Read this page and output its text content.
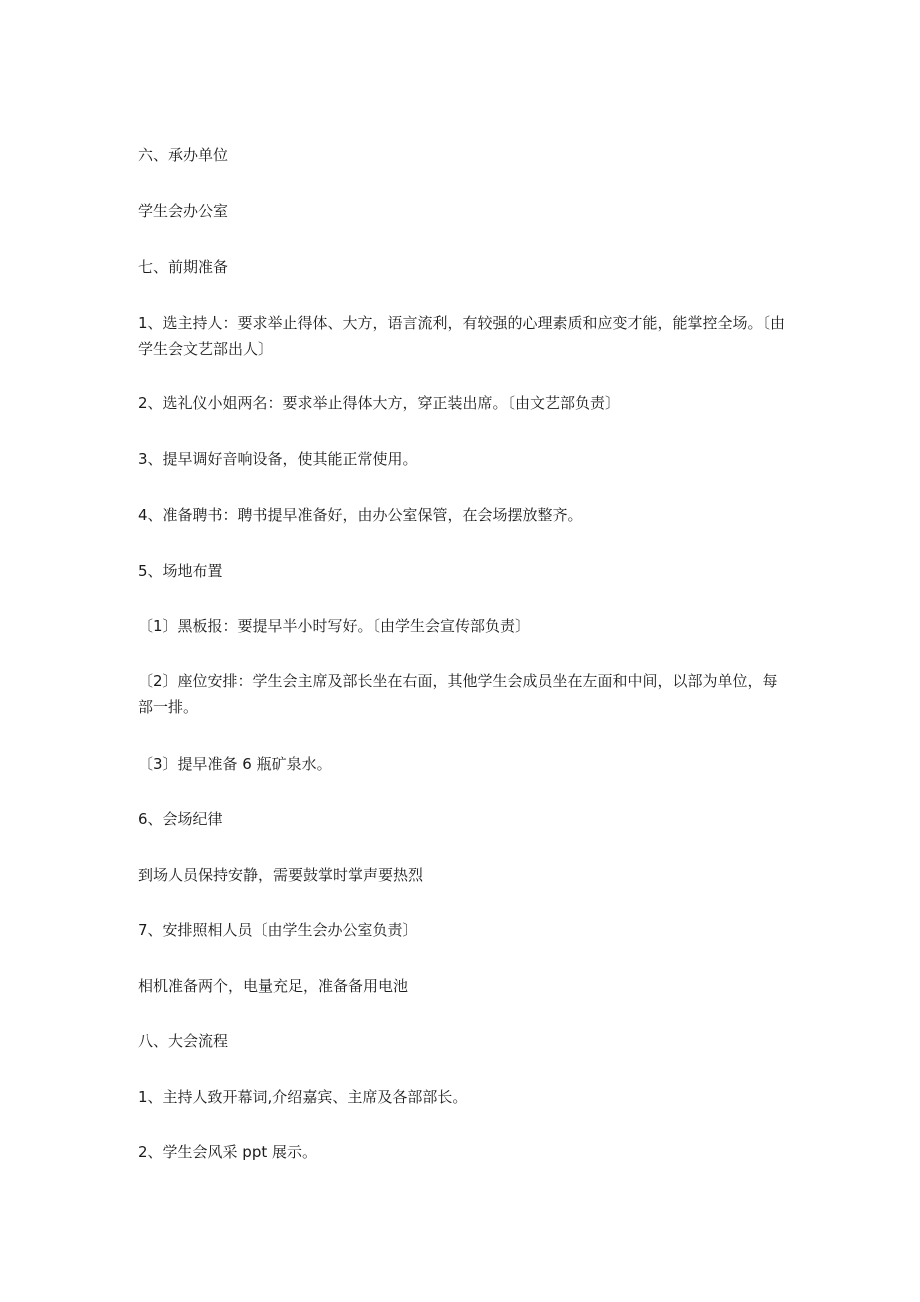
六、承办单位

学生会办公室

七、前期准备

1、选主持人：要求举止得体、大方，语言流利，有较强的心理素质和应变才能，能掌控全场。〔由学生会文艺部出人〕

2、选礼仪小姐两名：要求举止得体大方，穿正装出席。〔由文艺部负责〕

3、提早调好音响设备，使其能正常使用。

4、准备聘书：聘书提早准备好，由办公室保管，在会场摆放整齐。

5、场地布置

〔1〕黑板报：要提早半小时写好。〔由学生会宣传部负责〕

〔2〕座位安排：学生会主席及部长坐在右面，其他学生会成员坐在左面和中间，以部为单位，每部一排。

〔3〕提早准备 6 瓶矿泉水。

6、会场纪律

到场人员保持安静，需要鼓掌时掌声要热烈

7、安排照相人员〔由学生会办公室负责〕

相机准备两个，电量充足，准备备用电池

八、大会流程

1、主持人致开幕词,介绍嘉宾、主席及各部部长。

2、学生会风采 ppt 展示。
